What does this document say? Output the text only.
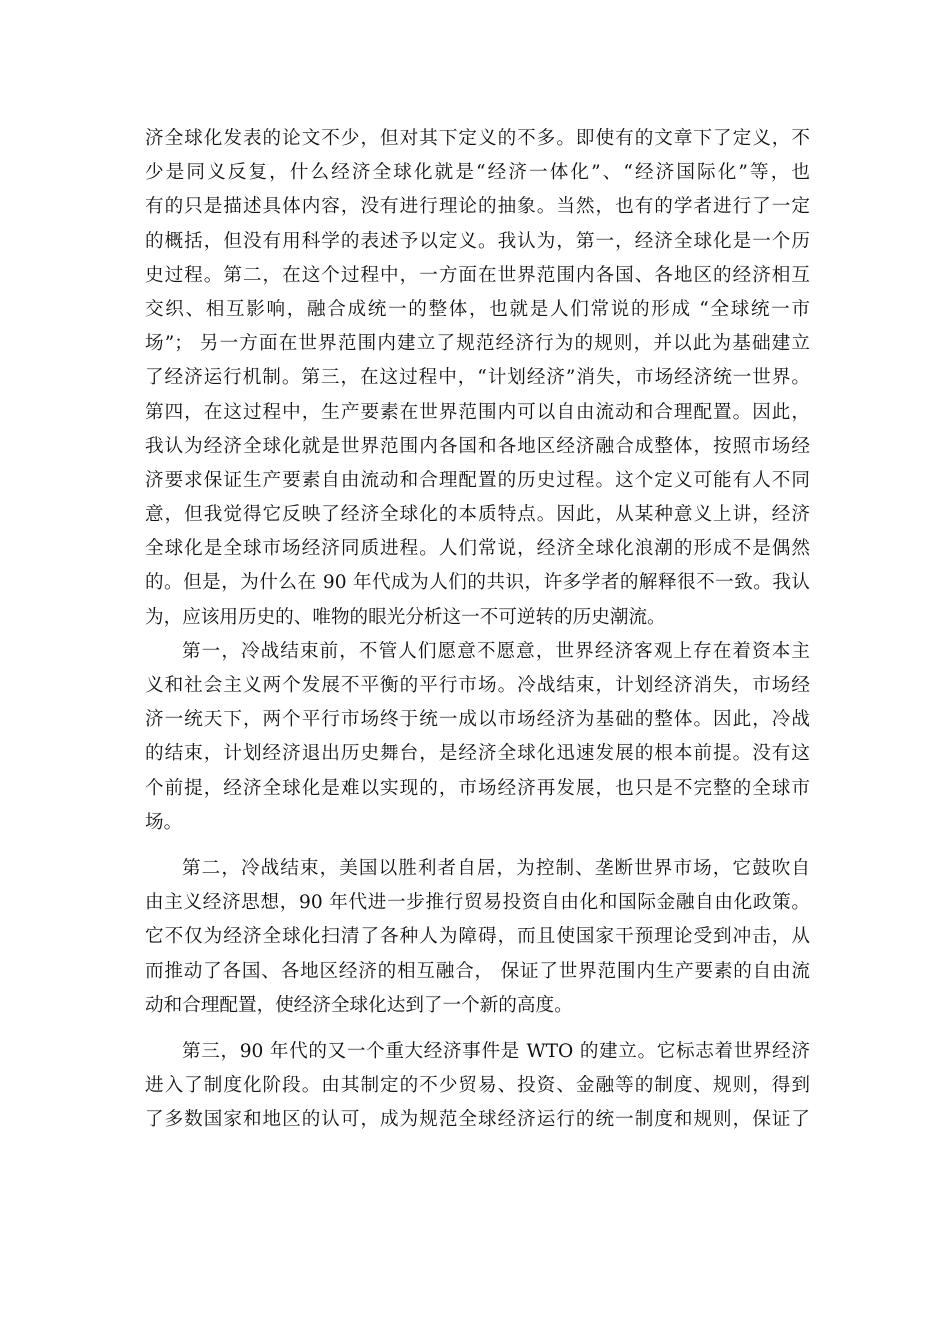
济全球化发表的论文不少，但对其下定义的不多。即使有的文章下了定义，不
少是同义反复，什么经济全球化就是“经济一体化”、“经济国际化”等，也
有的只是描述具体内容，没有进行理论的抽象。当然，也有的学者进行了一定
的概括，但没有用科学的表述予以定义。我认为，第一，经济全球化是一个历
史过程。第二，在这个过程中，一方面在世界范围内各国、各地区的经济相互
交织、相互影响，融合成统一的整体，也就是人们常说的形成 “全球统一市
场”； 另一方面在世界范围内建立了规范经济行为的规则，并以此为基础建立
了经济运行机制。第三，在这过程中，“计划经济”消失，市场经济统一世界。
第四，在这过程中，生产要素在世界范围内可以自由流动和合理配置。因此，
我认为经济全球化就是世界范围内各国和各地区经济融合成整体，按照市场经
济要求保证生产要素自由流动和合理配置的历史过程。这个定义可能有人不同
意，但我觉得它反映了经济全球化的本质特点。因此，从某种意义上讲，经济
全球化是全球市场经济同质进程。人们常说，经济全球化浪潮的形成不是偶然
的。但是，为什么在 90 年代成为人们的共识，许多学者的解释很不一致。我认
为，应该用历史的、唯物的眼光分析这一不可逆转的历史潮流。
第一，冷战结束前，不管人们愿意不愿意，世界经济客观上存在着资本主
义和社会主义两个发展不平衡的平行市场。冷战结束，计划经济消失，市场经
济一统天下，两个平行市场终于统一成以市场经济为基础的整体。因此，冷战
的结束，计划经济退出历史舞台，是经济全球化迅速发展的根本前提。没有这
个前提，经济全球化是难以实现的，市场经济再发展，也只是不完整的全球市
场。
第二，冷战结束，美国以胜利者自居，为控制、垄断世界市场，它鼓吹自
由主义经济思想，90 年代进一步推行贸易投资自由化和国际金融自由化政策。
它不仅为经济全球化扫清了各种人为障碍，而且使国家干预理论受到冲击，从
而推动了各国、各地区经济的相互融合， 保证了世界范围内生产要素的自由流
动和合理配置，使经济全球化达到了一个新的高度。
第三，90 年代的又一个重大经济事件是 WTO 的建立。它标志着世界经济
进入了制度化阶段。由其制定的不少贸易、投资、金融等的制度、规则，得到
了多数国家和地区的认可，成为规范全球经济运行的统一制度和规则，保证了
